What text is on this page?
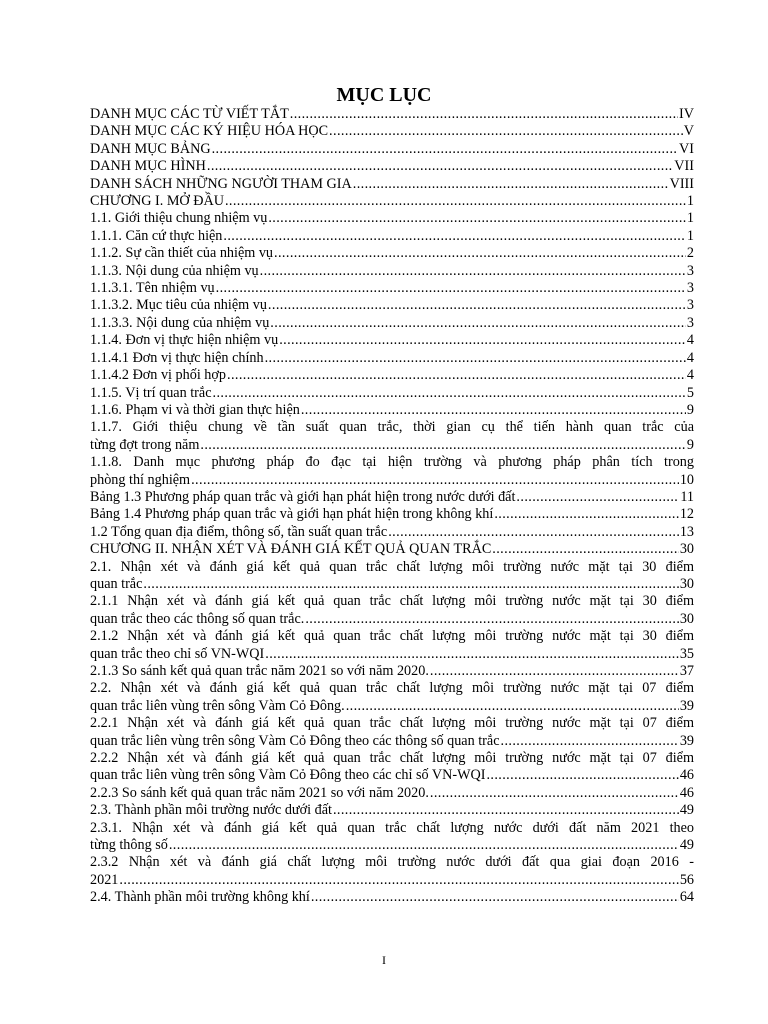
MỤC LỤC
DANH MỤC CÁC TỪ VIẾT TẮT .....	IV
DANH MỤC CÁC KÝ HIỆU HÓA HỌC .....	V
DANH MỤC BẢNG .....	VI
DANH MỤC HÌNH .....	VII
DANH SÁCH NHỮNG NGƯỜI THAM GIA .....	VIII
CHƯƠNG I. MỞ ĐẦU .....	1
1.1. Giới thiệu chung nhiệm vụ .....	1
1.1.1. Căn cứ thực hiện .....	1
1.1.2. Sự cần thiết của nhiệm vụ .....	2
1.1.3. Nội dung của nhiệm vụ .....	3
1.1.3.1. Tên nhiệm vụ .....	3
1.1.3.2. Mục tiêu của nhiệm vụ .....	3
1.1.3.3. Nội dung của nhiệm vụ .....	3
1.1.4. Đơn vị thực hiện nhiệm vụ .....	4
1.1.4.1 Đơn vị thực hiện chính .....	4
1.1.4.2 Đơn vị phối hợp .....	4
1.1.5. Vị trí quan trắc .....	5
1.1.6. Phạm vi và thời gian thực hiện .....	9
1.1.7. Giới thiệu chung về tần suất quan trắc, thời gian cụ thể tiến hành quan trắc của
từng đợt trong năm .....	9
1.1.8. Danh mục phương pháp đo đạc tại hiện trường và phương pháp phân tích trong
phòng thí nghiệm .....	10
Bảng 1.3 Phương pháp quan trắc và giới hạn phát hiện trong nước dưới đất .....	11
Bảng 1.4 Phương pháp quan trắc và giới hạn phát hiện trong không khí .....	12
1.2 Tổng quan địa điểm, thông số, tần suất quan trắc .....	13
CHƯƠNG II. NHẬN XÉT VÀ ĐÁNH GIÁ KẾT QUẢ QUAN TRẮC .....	30
2.1. Nhận xét và đánh giá kết quả quan trắc chất lượng môi trường nước mặt tại 30 điểm
quan trắc .....	30
2.1.1 Nhận xét và đánh giá kết quả quan trắc chất lượng môi trường nước mặt tại 30 điểm
quan trắc theo các thông số quan trắc. .....	30
2.1.2 Nhận xét và đánh giá kết quả quan trắc chất lượng môi trường nước mặt tại 30 điểm
quan trắc theo chỉ số VN-WQI .....	35
2.1.3 So sánh kết quả quan trắc năm 2021 so với năm 2020. .....	37
2.2. Nhận xét và đánh giá kết quả quan trắc chất lượng môi trường nước mặt tại 07 điểm
quan trắc liên vùng trên sông Vàm Cỏ Đông. .....	39
2.2.1 Nhận xét và đánh giá kết quả quan trắc chất lượng môi trường nước mặt tại 07 điểm
quan trắc liên vùng trên sông Vàm Cỏ Đông theo các thông số quan trắc .....	39
2.2.2 Nhận xét và đánh giá kết quả quan trắc chất lượng môi trường nước mặt tại 07 điểm
quan trắc liên vùng trên sông Vàm Cỏ Đông theo các chỉ số VN-WQI .....	46
2.2.3 So sánh kết quả quan trắc năm 2021 so với năm 2020. .....	46
2.3. Thành phần môi trường nước dưới đất .....	49
2.3.1. Nhận xét và đánh giá kết quả quan trắc chất lượng nước dưới đất năm 2021 theo
từng thông số .....	49
2.3.2 Nhận xét và đánh giá chất lượng môi trường nước dưới đất qua giai đoạn 2016 -
2021 .....	56
2.4. Thành phần môi trường không khí .....	64
I
